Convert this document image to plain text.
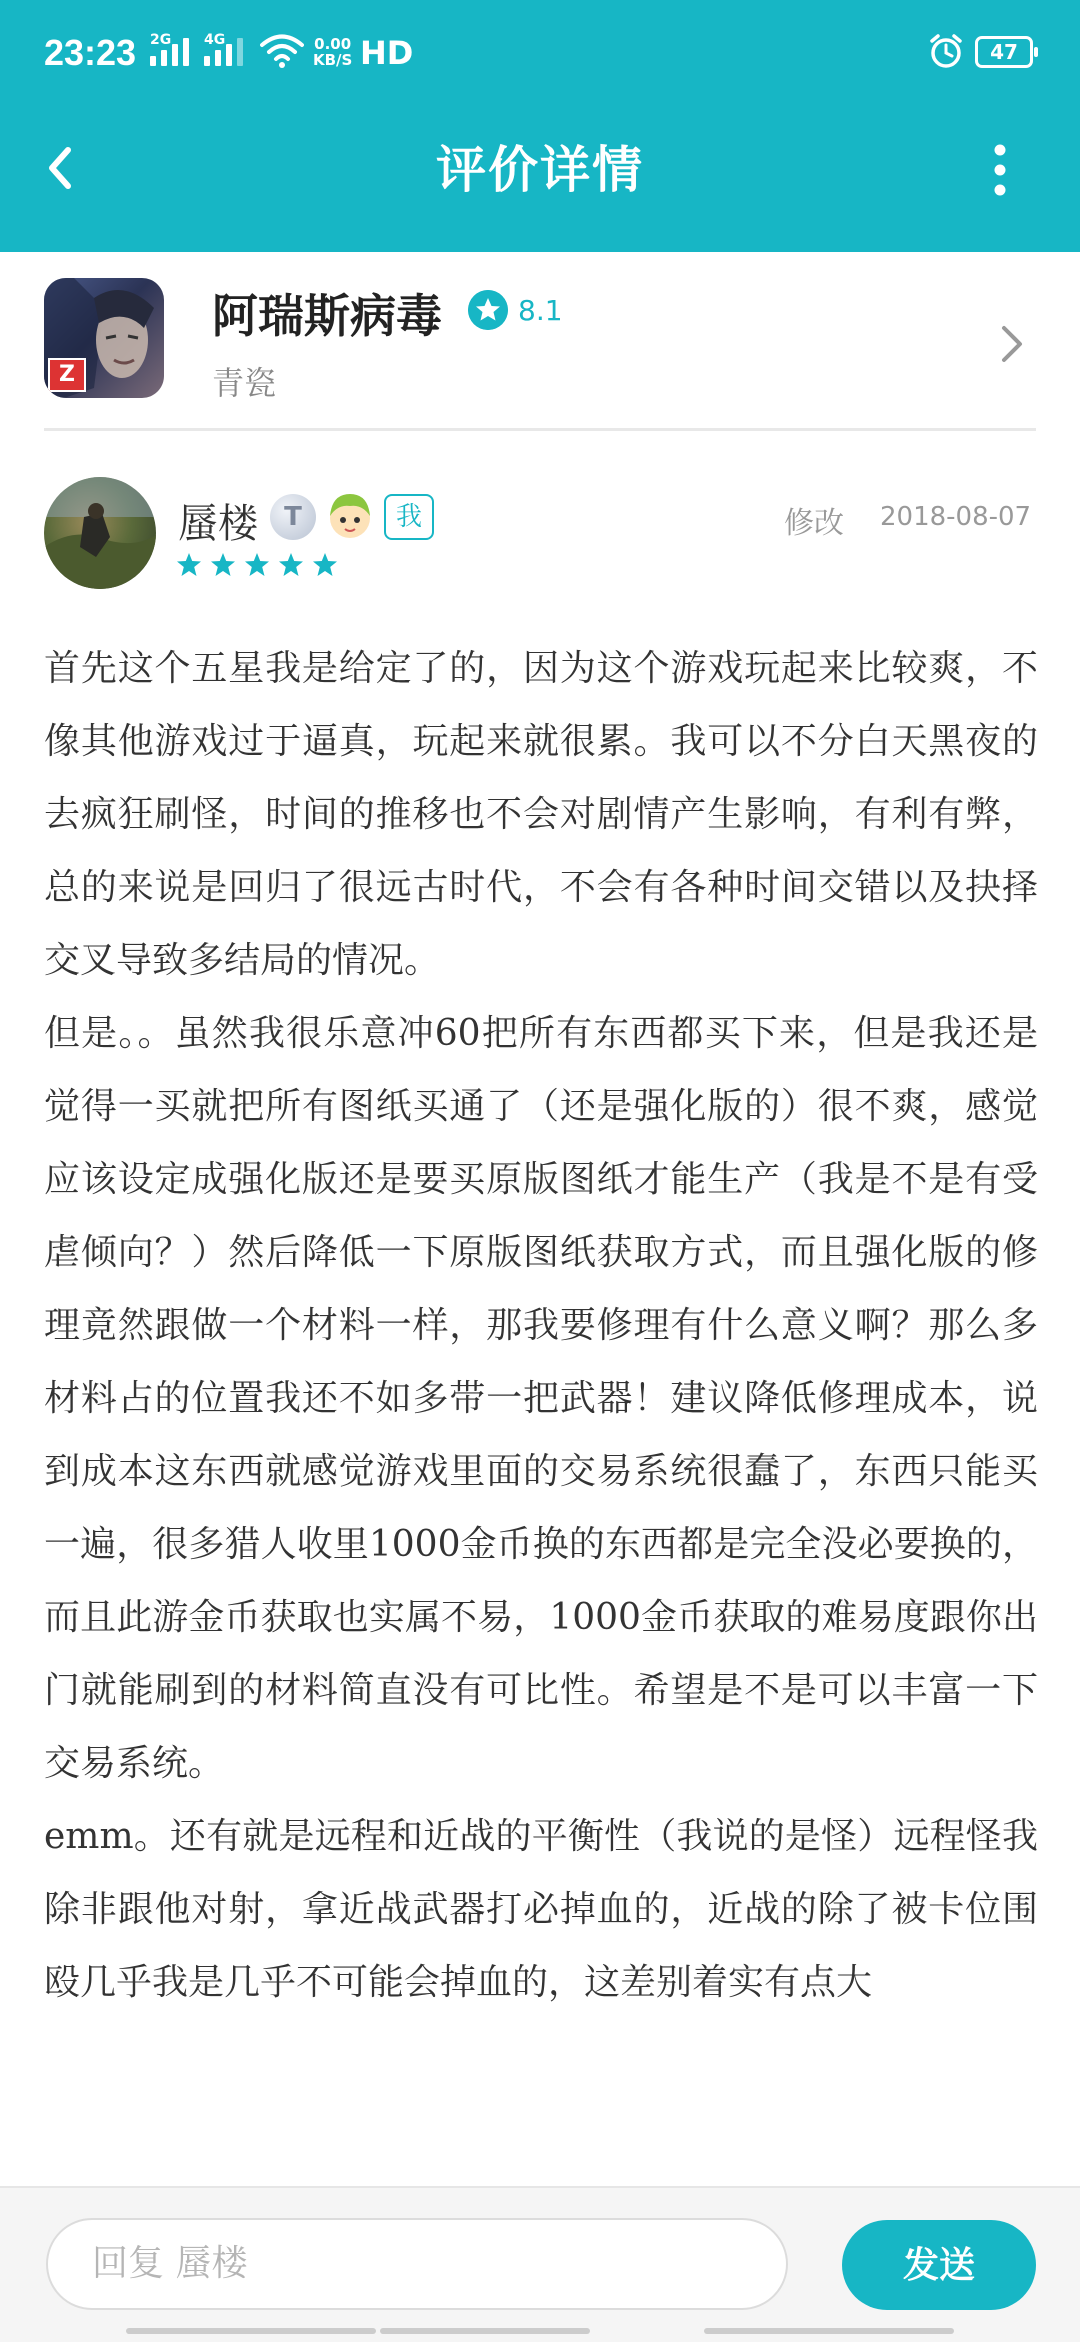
23:23 2G 4G	0.00
KB/S HD	47
评价详情
Z
阿瑞斯病毒	8.1
青瓷
蜃楼	T	我	修改 2018-08-07

首先这个五星我是给定了的，因为这个游戏玩起来比较爽，不像其他游戏过于逼真，玩起来就很累。我可以不分白天黑夜的去疯狂刷怪，时间的推移也不会对剧情产生影响，有利有弊，总的来说是回归了很远古时代，不会有各种时间交错以及抉择交叉导致多结局的情况。

但是。。虽然我很乐意冲60把所有东西都买下来，但是我还是觉得一买就把所有图纸买通了（还是强化版的）很不爽，感觉应该设定成强化版还是要买原版图纸才能生产（我是不是有受虐倾向？）然后降低一下原版图纸获取方式，而且强化版的修理竟然跟做一个材料一样，那我要修理有什么意义啊？那么多材料占的位置我还不如多带一把武器！建议降低修理成本，说到成本这东西就感觉游戏里面的交易系统很蠢了，东西只能买一遍，很多猎人收里1000金币换的东西都是完全没必要换的，而且此游金币获取也实属不易，1000金币获取的难易度跟你出门就能刷到的材料简直没有可比性。希望是不是可以丰富一下交易系统。

emm。还有就是远程和近战的平衡性（我说的是怪）远程怪我除非跟他对射，拿近战武器打必掉血的，近战的除了被卡位围殴几乎我是几乎不可能会掉血的，这差别着实有点大

回复 蜃楼	发送
